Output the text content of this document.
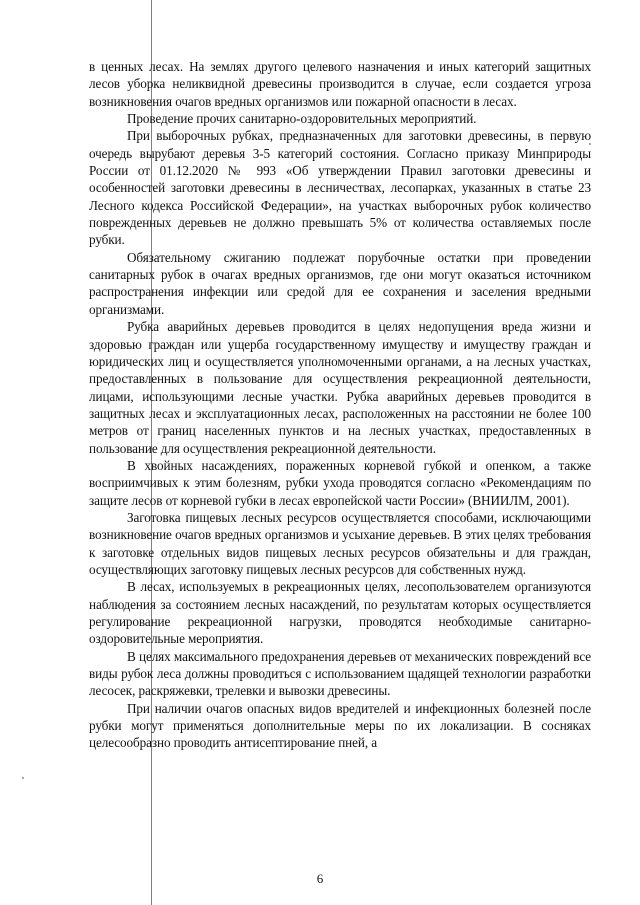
в ценных лесах. На землях другого целевого назначения и иных категорий защитных лесов уборка неликвидной древесины производится в случае, если создается угроза возникновения очагов вредных организмов или пожарной опасности в лесах.

Проведение прочих санитарно-оздоровительных мероприятий.

При выборочных рубках, предназначенных для заготовки древесины, в первую очередь вырубают деревья 3-5 категорий состояния. Согласно приказу Минприроды России от 01.12.2020 № 993 «Об утверждении Правил заготовки древесины и особенностей заготовки древесины в лесничествах, лесопарках, указанных в статье 23 Лесного кодекса Российской Федерации», на участках выборочных рубок количество поврежденных деревьев не должно превышать 5% от количества оставляемых после рубки.

Обязательному сжиганию подлежат порубочные остатки при проведении санитарных рубок в очагах вредных организмов, где они могут оказаться источником распространения инфекции или средой для ее сохранения и заселения вредными организмами.

Рубка аварийных деревьев проводится в целях недопущения вреда жизни и здоровью граждан или ущерба государственному имуществу и имуществу граждан и юридических лиц и осуществляется уполномоченными органами, а на лесных участках, предоставленных в пользование для осуществления рекреационной деятельности, лицами, использующими лесные участки. Рубка аварийных деревьев проводится в защитных лесах и эксплуатационных лесах, расположенных на расстоянии не более 100 метров от границ населенных пунктов и на лесных участках, предоставленных в пользование для осуществления рекреационной деятельности.

В хвойных насаждениях, пораженных корневой губкой и опенком, а также восприимчивых к этим болезням, рубки ухода проводятся согласно «Рекомендациям по защите лесов от корневой губки в лесах европейской части России» (ВНИИЛМ, 2001).

Заготовка пищевых лесных ресурсов осуществляется способами, исключающими возникновение очагов вредных организмов и усыхание деревьев. В этих целях требования к заготовке отдельных видов пищевых лесных ресурсов обязательны и для граждан, осуществляющих заготовку пищевых лесных ресурсов для собственных нужд.

В лесах, используемых в рекреационных целях, лесопользователем организуются наблюдения за состоянием лесных насаждений, по результатам которых осуществляется регулирование рекреационной нагрузки, проводятся необходимые санитарно-оздоровительные мероприятия.

В целях максимального предохранения деревьев от механических повреждений все виды рубок леса должны проводиться с использованием щадящей технологии разработки лесосек, раскряжевки, трелевки и вывозки древесины.

При наличии очагов опасных видов вредителей и инфекционных болезней после рубки могут применяться дополнительные меры по их локализации. В сосняках целесообразно проводить антисептирование пней, а

6
